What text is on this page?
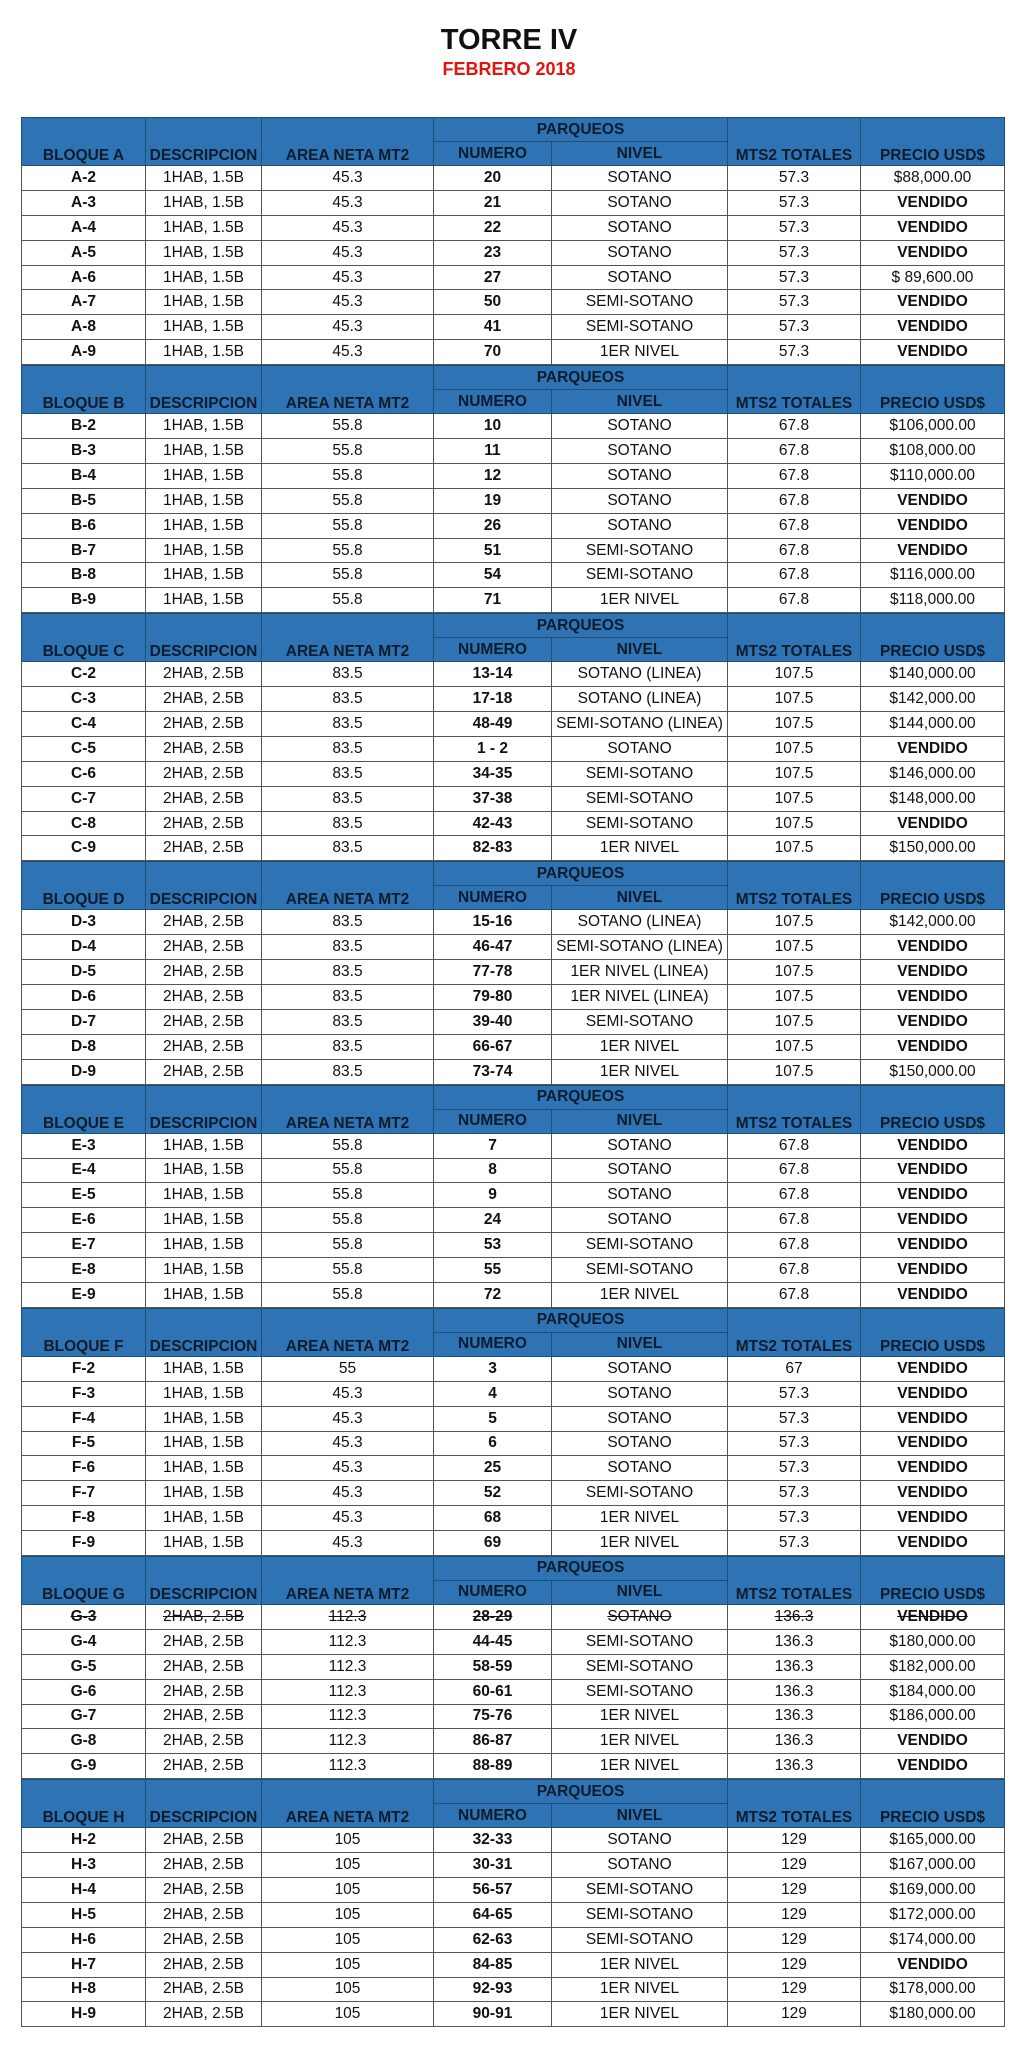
TORRE IV
FEBRERO 2018
BLOQUE A	DESCRIPCION	AREA NETA MT2	PARQUEOS		MTS2 TOTALES	PRECIO USD$
			NUMERO	NIVEL		
A-2	1HAB, 1.5B	45.3	20	SOTANO	57.3	$88,000.00
A-3	1HAB, 1.5B	45.3	21	SOTANO	57.3	VENDIDO
A-4	1HAB, 1.5B	45.3	22	SOTANO	57.3	VENDIDO
A-5	1HAB, 1.5B	45.3	23	SOTANO	57.3	VENDIDO
A-6	1HAB, 1.5B	45.3	27	SOTANO	57.3	$ 89,600.00
A-7	1HAB, 1.5B	45.3	50	SEMI-SOTANO	57.3	VENDIDO
A-8	1HAB, 1.5B	45.3	41	SEMI-SOTANO	57.3	VENDIDO
A-9	1HAB, 1.5B	45.3	70	1ER NIVEL	57.3	VENDIDO
BLOQUE B	DESCRIPCION	AREA NETA MT2	PARQUEOS		MTS2 TOTALES	PRECIO USD$
			NUMERO	NIVEL		
B-2	1HAB, 1.5B	55.8	10	SOTANO	67.8	$106,000.00
B-3	1HAB, 1.5B	55.8	11	SOTANO	67.8	$108,000.00
B-4	1HAB, 1.5B	55.8	12	SOTANO	67.8	$110,000.00
B-5	1HAB, 1.5B	55.8	19	SOTANO	67.8	VENDIDO
B-6	1HAB, 1.5B	55.8	26	SOTANO	67.8	VENDIDO
B-7	1HAB, 1.5B	55.8	51	SEMI-SOTANO	67.8	VENDIDO
B-8	1HAB, 1.5B	55.8	54	SEMI-SOTANO	67.8	$116,000.00
B-9	1HAB, 1.5B	55.8	71	1ER NIVEL	67.8	$118,000.00
BLOQUE C	DESCRIPCION	AREA NETA MT2	PARQUEOS		MTS2 TOTALES	PRECIO USD$
			NUMERO	NIVEL		
C-2	2HAB, 2.5B	83.5	13-14	SOTANO (LINEA)	107.5	$140,000.00
C-3	2HAB, 2.5B	83.5	17-18	SOTANO (LINEA)	107.5	$142,000.00
C-4	2HAB, 2.5B	83.5	48-49	SEMI-SOTANO (LINEA)	107.5	$144,000.00
C-5	2HAB, 2.5B	83.5	1 - 2	SOTANO	107.5	VENDIDO
C-6	2HAB, 2.5B	83.5	34-35	SEMI-SOTANO	107.5	$146,000.00
C-7	2HAB, 2.5B	83.5	37-38	SEMI-SOTANO	107.5	$148,000.00
C-8	2HAB, 2.5B	83.5	42-43	SEMI-SOTANO	107.5	VENDIDO
C-9	2HAB, 2.5B	83.5	82-83	1ER NIVEL	107.5	$150,000.00
BLOQUE D	DESCRIPCION	AREA NETA MT2	PARQUEOS		MTS2 TOTALES	PRECIO USD$
			NUMERO	NIVEL		
D-3	2HAB, 2.5B	83.5	15-16	SOTANO (LINEA)	107.5	$142,000.00
D-4	2HAB, 2.5B	83.5	46-47	SEMI-SOTANO (LINEA)	107.5	VENDIDO
D-5	2HAB, 2.5B	83.5	77-78	1ER NIVEL (LINEA)	107.5	VENDIDO
D-6	2HAB, 2.5B	83.5	79-80	1ER NIVEL (LINEA)	107.5	VENDIDO
D-7	2HAB, 2.5B	83.5	39-40	SEMI-SOTANO	107.5	VENDIDO
D-8	2HAB, 2.5B	83.5	66-67	1ER NIVEL	107.5	VENDIDO
D-9	2HAB, 2.5B	83.5	73-74	1ER NIVEL	107.5	$150,000.00
BLOQUE E	DESCRIPCION	AREA NETA MT2	PARQUEOS		MTS2 TOTALES	PRECIO USD$
			NUMERO	NIVEL		
E-3	1HAB, 1.5B	55.8	7	SOTANO	67.8	VENDIDO
E-4	1HAB, 1.5B	55.8	8	SOTANO	67.8	VENDIDO
E-5	1HAB, 1.5B	55.8	9	SOTANO	67.8	VENDIDO
E-6	1HAB, 1.5B	55.8	24	SOTANO	67.8	VENDIDO
E-7	1HAB, 1.5B	55.8	53	SEMI-SOTANO	67.8	VENDIDO
E-8	1HAB, 1.5B	55.8	55	SEMI-SOTANO	67.8	VENDIDO
E-9	1HAB, 1.5B	55.8	72	1ER NIVEL	67.8	VENDIDO
BLOQUE F	DESCRIPCION	AREA NETA MT2	PARQUEOS		MTS2 TOTALES	PRECIO USD$
			NUMERO	NIVEL		
F-2	1HAB, 1.5B	55	3	SOTANO	67	VENDIDO
F-3	1HAB, 1.5B	45.3	4	SOTANO	57.3	VENDIDO
F-4	1HAB, 1.5B	45.3	5	SOTANO	57.3	VENDIDO
F-5	1HAB, 1.5B	45.3	6	SOTANO	57.3	VENDIDO
F-6	1HAB, 1.5B	45.3	25	SOTANO	57.3	VENDIDO
F-7	1HAB, 1.5B	45.3	52	SEMI-SOTANO	57.3	VENDIDO
F-8	1HAB, 1.5B	45.3	68	1ER NIVEL	57.3	VENDIDO
F-9	1HAB, 1.5B	45.3	69	1ER NIVEL	57.3	VENDIDO
BLOQUE G	DESCRIPCION	AREA NETA MT2	PARQUEOS		MTS2 TOTALES	PRECIO USD$
			NUMERO	NIVEL		
G-3	2HAB, 2.5B	112.3	28-29	SOTANO	136.3	VENDIDO
G-4	2HAB, 2.5B	112.3	44-45	SEMI-SOTANO	136.3	$180,000.00
G-5	2HAB, 2.5B	112.3	58-59	SEMI-SOTANO	136.3	$182,000.00
G-6	2HAB, 2.5B	112.3	60-61	SEMI-SOTANO	136.3	$184,000.00
G-7	2HAB, 2.5B	112.3	75-76	1ER NIVEL	136.3	$186,000.00
G-8	2HAB, 2.5B	112.3	86-87	1ER NIVEL	136.3	VENDIDO
G-9	2HAB, 2.5B	112.3	88-89	1ER NIVEL	136.3	VENDIDO
BLOQUE H	DESCRIPCION	AREA NETA MT2	PARQUEOS		MTS2 TOTALES	PRECIO USD$
			NUMERO	NIVEL		
H-2	2HAB, 2.5B	105	32-33	SOTANO	129	$165,000.00
H-3	2HAB, 2.5B	105	30-31	SOTANO	129	$167,000.00
H-4	2HAB, 2.5B	105	56-57	SEMI-SOTANO	129	$169,000.00
H-5	2HAB, 2.5B	105	64-65	SEMI-SOTANO	129	$172,000.00
H-6	2HAB, 2.5B	105	62-63	SEMI-SOTANO	129	$174,000.00
H-7	2HAB, 2.5B	105	84-85	1ER NIVEL	129	VENDIDO
H-8	2HAB, 2.5B	105	92-93	1ER NIVEL	129	$178,000.00
H-9	2HAB, 2.5B	105	90-91	1ER NIVEL	129	$180,000.00
